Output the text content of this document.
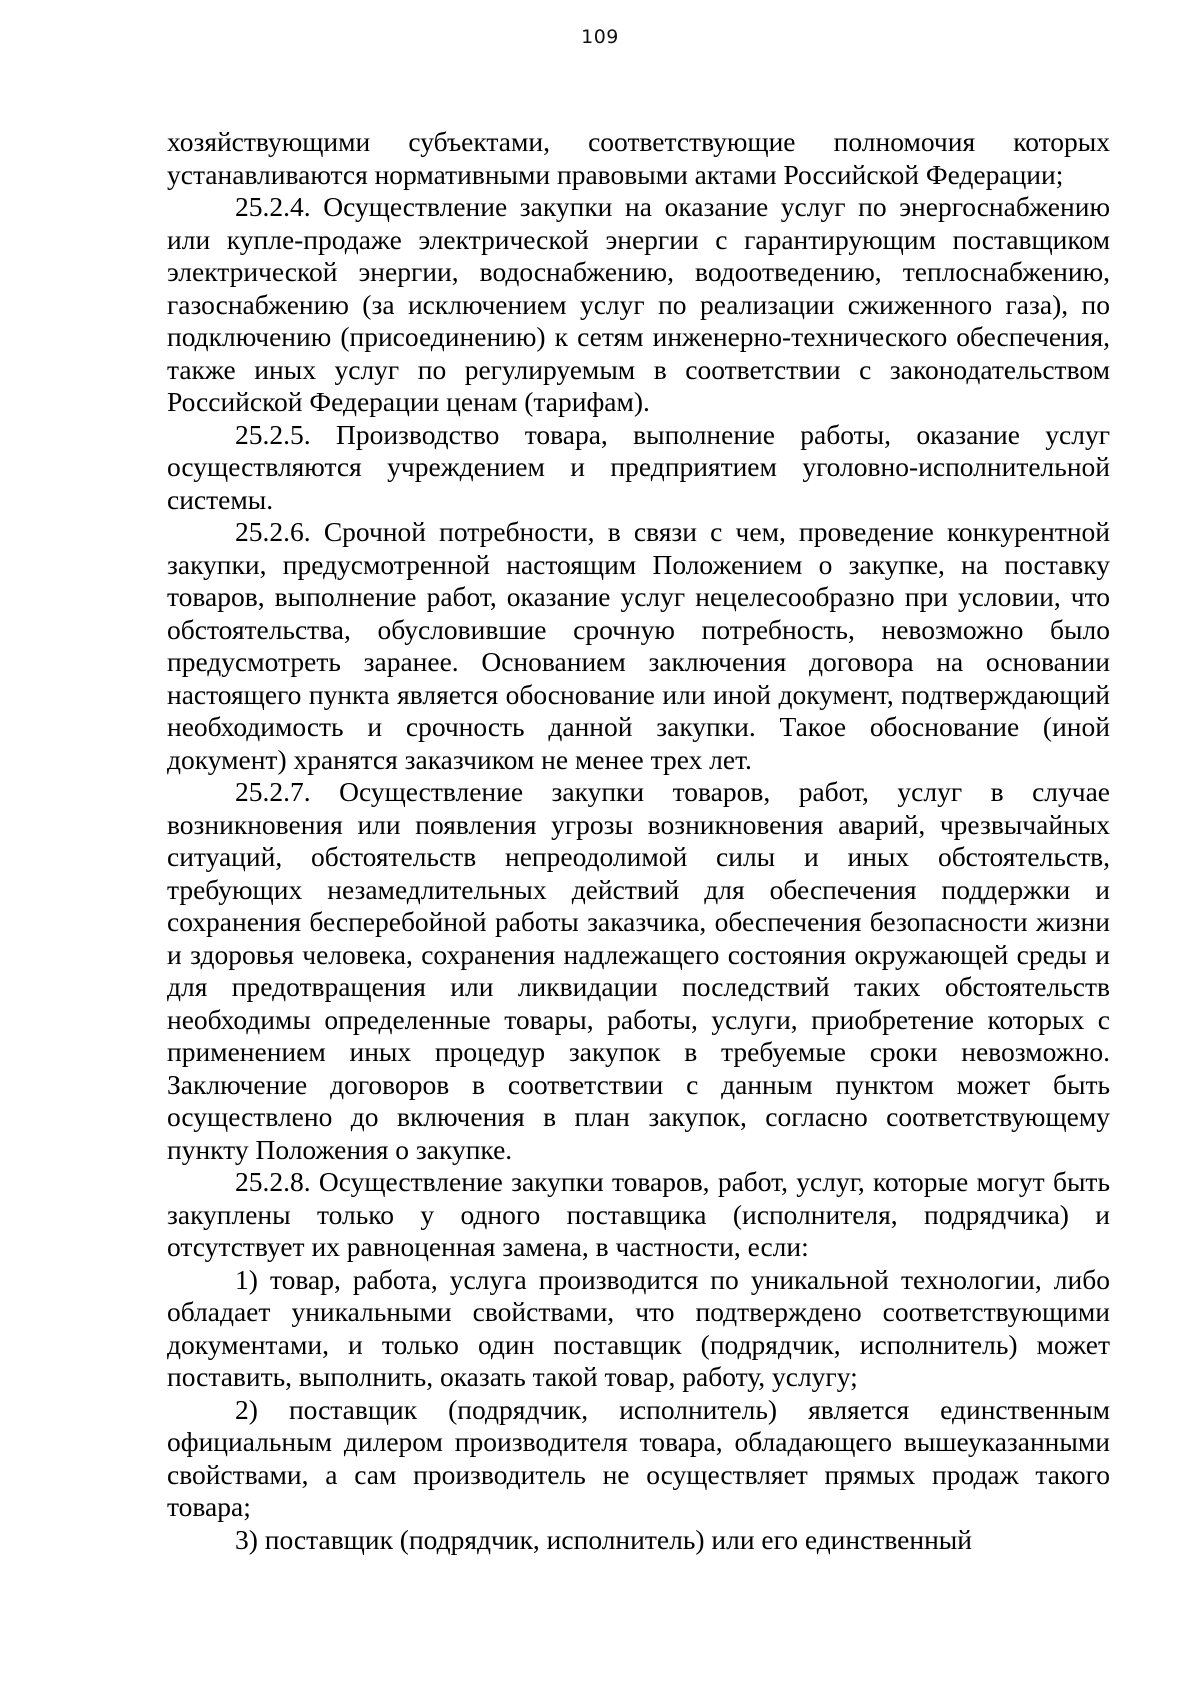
109

хозяйствующими субъектами, соответствующие полномочия которых устанавливаются нормативными правовыми актами Российской Федерации;

25.2.4. Осуществление закупки на оказание услуг по энергоснабжению или купле-продаже электрической энергии с гарантирующим поставщиком электрической энергии, водоснабжению, водоотведению, теплоснабжению, газоснабжению (за исключением услуг по реализации сжиженного газа), по подключению (присоединению) к сетям инженерно-технического обеспечения, также иных услуг по регулируемым в соответствии с законодательством Российской Федерации ценам (тарифам).

25.2.5. Производство товара, выполнение работы, оказание услуг осуществляются учреждением и предприятием уголовно-исполнительной системы.

25.2.6. Срочной потребности, в связи с чем, проведение конкурентной закупки, предусмотренной настоящим Положением о закупке, на поставку товаров, выполнение работ, оказание услуг нецелесообразно при условии, что обстоятельства, обусловившие срочную потребность, невозможно было предусмотреть заранее. Основанием заключения договора на основании настоящего пункта является обоснование или иной документ, подтверждающий необходимость и срочность данной закупки. Такое обоснование (иной документ) хранятся заказчиком не менее трех лет.

25.2.7. Осуществление закупки товаров, работ, услуг в случае возникновения или появления угрозы возникновения аварий, чрезвычайных ситуаций, обстоятельств непреодолимой силы и иных обстоятельств, требующих незамедлительных действий для обеспечения поддержки и сохранения бесперебойной работы заказчика, обеспечения безопасности жизни и здоровья человека, сохранения надлежащего состояния окружающей среды и для предотвращения или ликвидации последствий таких обстоятельств необходимы определенные товары, работы, услуги, приобретение которых с применением иных процедур закупок в требуемые сроки невозможно. Заключение договоров в соответствии с данным пунктом может быть осуществлено до включения в план закупок, согласно соответствующему пункту Положения о закупке.

25.2.8. Осуществление закупки товаров, работ, услуг, которые могут быть закуплены только у одного поставщика (исполнителя, подрядчика) и отсутствует их равноценная замена, в частности, если:

1) товар, работа, услуга производится по уникальной технологии, либо обладает уникальными свойствами, что подтверждено соответствующими документами, и только один поставщик (подрядчик, исполнитель) может поставить, выполнить, оказать такой товар, работу, услугу;

2) поставщик (подрядчик, исполнитель) является единственным официальным дилером производителя товара, обладающего вышеуказанными свойствами, а сам производитель не осуществляет прямых продаж такого товара;

3) поставщик (подрядчик, исполнитель) или его единственный
